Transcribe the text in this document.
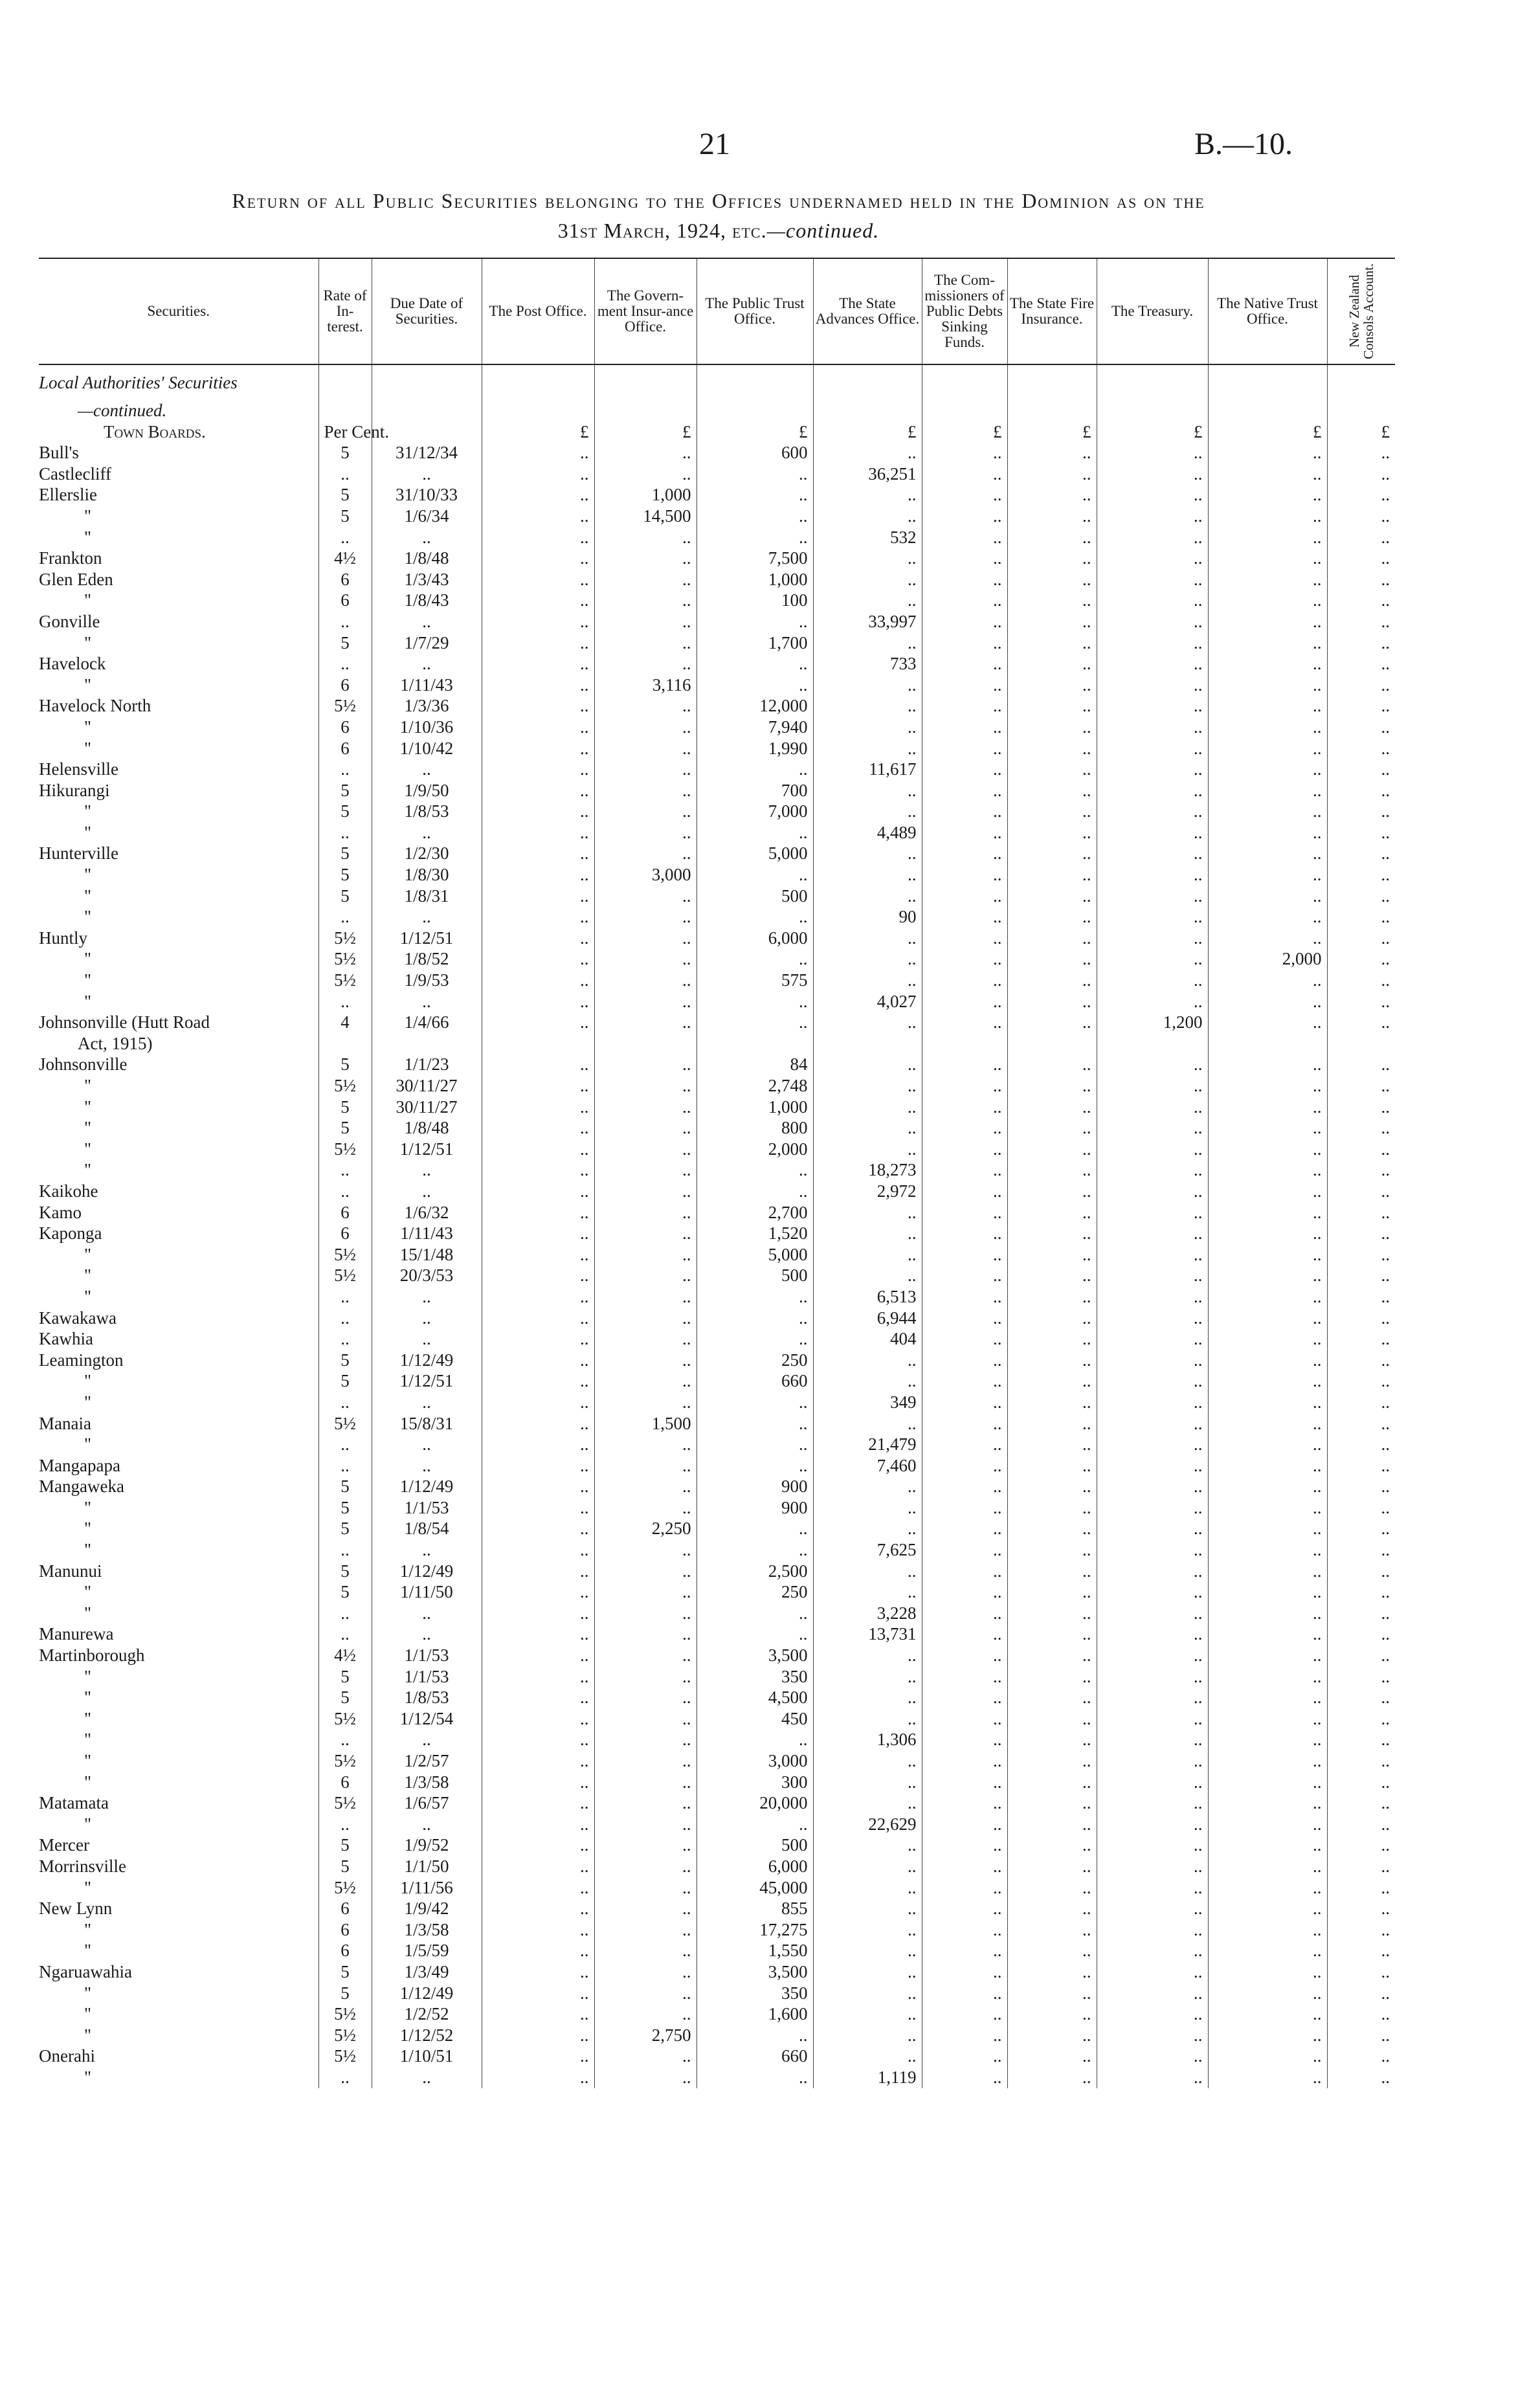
21	B.—10.
Return of all Public Securities belonging to the Offices undernamed held in the Dominion as on the
31st March, 1924, etc.—continued.
Securities.	Rate of In-terest.	Due Date of Securities.	The Post Office.	The Govern-ment Insur-ance Office.	The Public Trust Office.	The State Advances Office.	The Com-missioners of Public Debts Sinking Funds.	The State Fire Insurance.	The Treasury.	The Native Trust Office.	New Zealand Consols Account.

Local Authorities' Securities											
—continued.											
Town Boards.	Per Cent.		£	£	£	£	£	£	£	£	£
Bull's	5	31/12/34	..	..	600	..	..	..	..	..	..
Castlecliff	..	..	..	..	..	36,251	..	..	..	..	..
Ellerslie	5	31/10/33	..	1,000	..	..	..	..	..	..	..
"	5	1/6/34	..	14,500	..	..	..	..	..	..	..
"	..	..	..	..	..	532	..	..	..	..	..
Frankton	4½	1/8/48	..	..	7,500	..	..	..	..	..	..
Glen Eden	6	1/3/43	..	..	1,000	..	..	..	..	..	..
"	6	1/8/43	..	..	100	..	..	..	..	..	..
Gonville	..	..	..	..	..	33,997	..	..	..	..	..
"	5	1/7/29	..	..	1,700	..	..	..	..	..	..
Havelock	..	..	..	..	..	733	..	..	..	..	..
"	6	1/11/43	..	3,116	..	..	..	..	..	..	..
Havelock North	5½	1/3/36	..	..	12,000	..	..	..	..	..	..
"	6	1/10/36	..	..	7,940	..	..	..	..	..	..
"	6	1/10/42	..	..	1,990	..	..	..	..	..	..
Helensville	..	..	..	..	..	11,617	..	..	..	..	..
Hikurangi	5	1/9/50	..	..	700	..	..	..	..	..	..
"	5	1/8/53	..	..	7,000	..	..	..	..	..	..
"	..	..	..	..	..	4,489	..	..	..	..	..
Hunterville	5	1/2/30	..	..	5,000	..	..	..	..	..	..
"	5	1/8/30	..	3,000	..	..	..	..	..	..	..
"	5	1/8/31	..	..	500	..	..	..	..	..	..
"	..	..	..	..	..	90	..	..	..	..	..
Huntly	5½	1/12/51	..	..	6,000	..	..	..	..	..	..
"	5½	1/8/52	..	..	..	..	..	..	..	2,000	..
"	5½	1/9/53	..	..	575	..	..	..	..	..	..
"	..	..	..	..	..	4,027	..	..	..	..	..
Johnsonville (Hutt Road	4	1/4/66	..	..	..	..	..	..	1,200	..	..
Act, 1915)											
Johnsonville	5	1/1/23	..	..	84	..	..	..	..	..	..
"	5½	30/11/27	..	..	2,748	..	..	..	..	..	..
"	5	30/11/27	..	..	1,000	..	..	..	..	..	..
"	5	1/8/48	..	..	800	..	..	..	..	..	..
"	5½	1/12/51	..	..	2,000	..	..	..	..	..	..
"	..	..	..	..	..	18,273	..	..	..	..	..
Kaikohe	..	..	..	..	..	2,972	..	..	..	..	..
Kamo	6	1/6/32	..	..	2,700	..	..	..	..	..	..
Kaponga	6	1/11/43	..	..	1,520	..	..	..	..	..	..
"	5½	15/1/48	..	..	5,000	..	..	..	..	..	..
"	5½	20/3/53	..	..	500	..	..	..	..	..	..
"	..	..	..	..	..	6,513	..	..	..	..	..
Kawakawa	..	..	..	..	..	6,944	..	..	..	..	..
Kawhia	..	..	..	..	..	404	..	..	..	..	..
Leamington	5	1/12/49	..	..	250	..	..	..	..	..	..
"	5	1/12/51	..	..	660	..	..	..	..	..	..
"	..	..	..	..	..	349	..	..	..	..	..
Manaia	5½	15/8/31	..	1,500	..	..	..	..	..	..	..
"	..	..	..	..	..	21,479	..	..	..	..	..
Mangapapa	..	..	..	..	..	7,460	..	..	..	..	..
Mangaweka	5	1/12/49	..	..	900	..	..	..	..	..	..
"	5	1/1/53	..	..	900	..	..	..	..	..	..
"	5	1/8/54	..	2,250	..	..	..	..	..	..	..
"	..	..	..	..	..	7,625	..	..	..	..	..
Manunui	5	1/12/49	..	..	2,500	..	..	..	..	..	..
"	5	1/11/50	..	..	250	..	..	..	..	..	..
"	..	..	..	..	..	3,228	..	..	..	..	..
Manurewa	..	..	..	..	..	13,731	..	..	..	..	..
Martinborough	4½	1/1/53	..	..	3,500	..	..	..	..	..	..
"	5	1/1/53	..	..	350	..	..	..	..	..	..
"	5	1/8/53	..	..	4,500	..	..	..	..	..	..
"	5½	1/12/54	..	..	450	..	..	..	..	..	..
"	..	..	..	..	..	1,306	..	..	..	..	..
"	5½	1/2/57	..	..	3,000	..	..	..	..	..	..
"	6	1/3/58	..	..	300	..	..	..	..	..	..
Matamata	5½	1/6/57	..	..	20,000	..	..	..	..	..	..
"	..	..	..	..	..	22,629	..	..	..	..	..
Mercer	5	1/9/52	..	..	500	..	..	..	..	..	..
Morrinsville	5	1/1/50	..	..	6,000	..	..	..	..	..	..
"	5½	1/11/56	..	..	45,000	..	..	..	..	..	..
New Lynn	6	1/9/42	..	..	855	..	..	..	..	..	..
"	6	1/3/58	..	..	17,275	..	..	..	..	..	..
"	6	1/5/59	..	..	1,550	..	..	..	..	..	..
Ngaruawahia	5	1/3/49	..	..	3,500	..	..	..	..	..	..
"	5	1/12/49	..	..	350	..	..	..	..	..	..
"	5½	1/2/52	..	..	1,600	..	..	..	..	..	..
"	5½	1/12/52	..	2,750	..	..	..	..	..	..	..
Onerahi	5½	1/10/51	..	..	660	..	..	..	..	..	..
"	..	..	..	..	..	1,119	..	..	..	..	..
